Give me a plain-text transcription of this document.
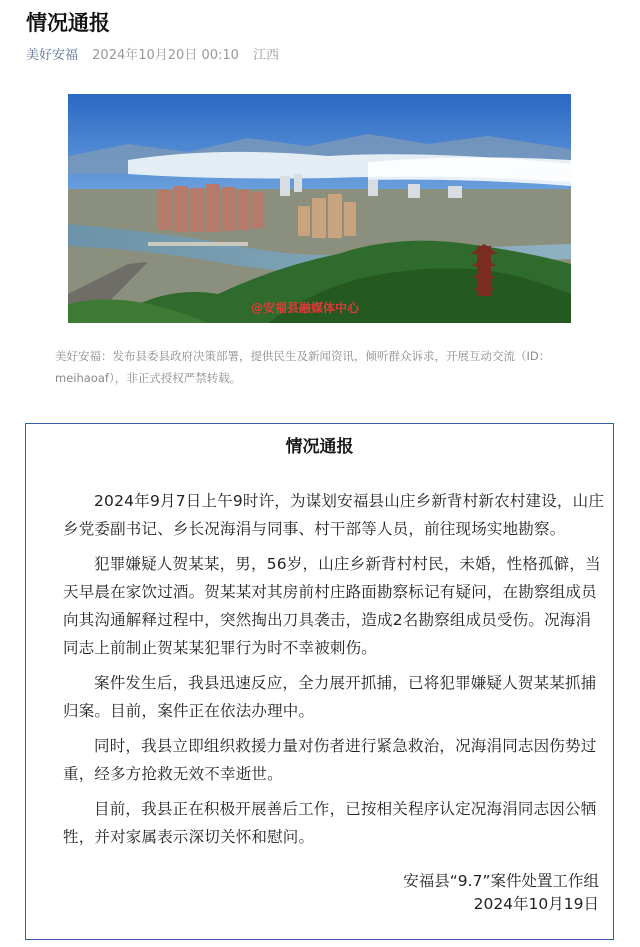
情况通报
美好安福 2024年10月20日 00:10 江西
@安福县融媒体中心
美好安福：发布县委县政府决策部署，提供民生及新闻资讯，倾听群众诉求，开展互动交流（ID：meihaoaf），非正式授权严禁转载。
情况通报

2024年9月7日上午9时许，为谋划安福县山庄乡新背村新农村建设，山庄乡党委副书记、乡长况海涓与同事、村干部等人员，前往现场实地勘察。

犯罪嫌疑人贺某某，男，56岁，山庄乡新背村村民，未婚，性格孤僻，当天早晨在家饮过酒。贺某某对其房前村庄路面勘察标记有疑问，在勘察组成员向其沟通解释过程中，突然掏出刀具袭击，造成2名勘察组成员受伤。况海涓同志上前制止贺某某犯罪行为时不幸被刺伤。

案件发生后，我县迅速反应，全力展开抓捕，已将犯罪嫌疑人贺某某抓捕归案。目前，案件正在依法办理中。

同时，我县立即组织救援力量对伤者进行紧急救治，况海涓同志因伤势过重，经多方抢救无效不幸逝世。

目前，我县正在积极开展善后工作，已按相关程序认定况海涓同志因公牺牲，并对家属表示深切关怀和慰问。

安福县“9.7”案件处置工作组
2024年10月19日
